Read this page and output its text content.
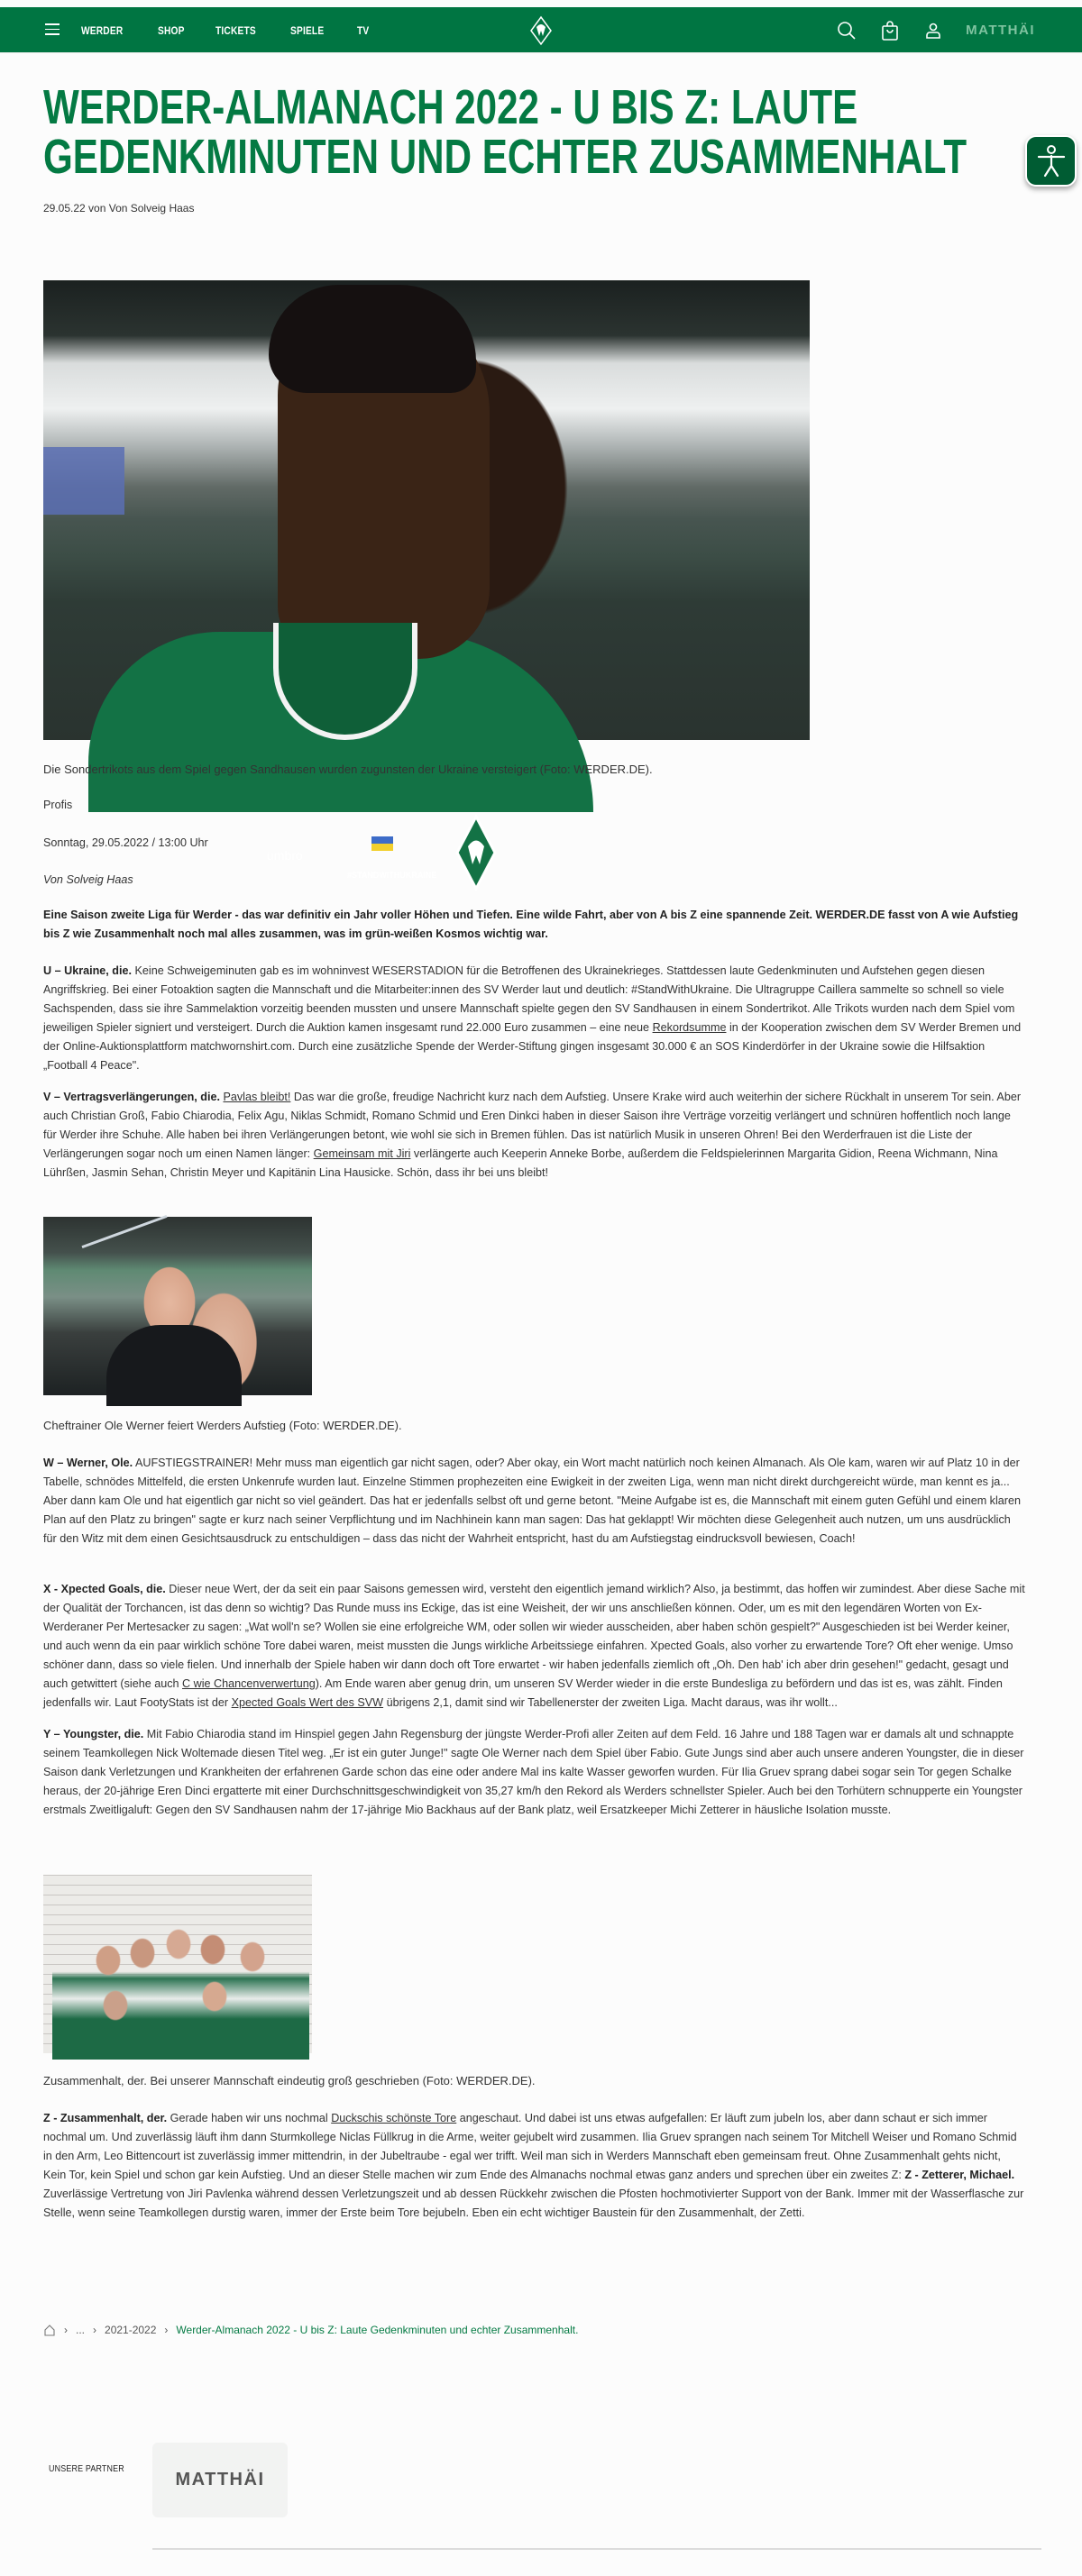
WERDER	SHOP	TICKETS	SPIELE	TV	MATTHÄI
WERDER-ALMANACH 2022 - U BIS Z: LAUTE
GEDENKMINUTEN UND ECHTER ZUSAMMENHALT
29.05.22 von Von Solveig Haas
umbro
#STANDWITHUKRAINE

Die Sondertrikots aus dem Spiel gegen Sandhausen wurden zugunsten der Ukraine versteigert (Foto: WERDER.DE).

Profis

Sonntag, 29.05.2022 / 13:00 Uhr

Von Solveig Haas

Eine Saison zweite Liga für Werder - das war definitiv ein Jahr voller Höhen und Tiefen. Eine wilde Fahrt, aber von A bis Z eine spannende Zeit. WERDER.DE fasst von A wie Aufstieg bis Z wie Zusammenhalt noch mal alles zusammen, was im grün-weißen Kosmos wichtig war.

U – Ukraine, die. Keine Schweigeminuten gab es im wohninvest WESERSTADION für die Betroffenen des Ukrainekrieges. Stattdessen laute Gedenkminuten und Aufstehen gegen diesen Angriffskrieg. Bei einer Fotoaktion sagten die Mannschaft und die Mitarbeiter:innen des SV Werder laut und deutlich: #StandWithUkraine. Die Ultragruppe Caillera sammelte so schnell so viele Sachspenden, dass sie ihre Sammelaktion vorzeitig beenden mussten und unsere Mannschaft spielte gegen den SV Sandhausen in einem Sondertrikot. Alle Trikots wurden nach dem Spiel vom jeweiligen Spieler signiert und versteigert. Durch die Auktion kamen insgesamt rund 22.000 Euro zusammen – eine neue Rekordsumme in der Kooperation zwischen dem SV Werder Bremen und der Online-Auktionsplattform matchwornshirt.com. Durch eine zusätzliche Spende der Werder-Stiftung gingen insgesamt 30.000 € an SOS Kinderdörfer in der Ukraine sowie die Hilfsaktion „Football 4 Peace".

V – Vertragsverlängerungen, die. Pavlas bleibt! Das war die große, freudige Nachricht kurz nach dem Aufstieg. Unsere Krake wird auch weiterhin der sichere Rückhalt in unserem Tor sein. Aber auch Christian Groß, Fabio Chiarodia, Felix Agu, Niklas Schmidt, Romano Schmid und Eren Dinkci haben in dieser Saison ihre Verträge vorzeitig verlängert und schnüren hoffentlich noch lange für Werder ihre Schuhe. Alle haben bei ihren Verlängerungen betont, wie wohl sie sich in Bremen fühlen. Das ist natürlich Musik in unseren Ohren! Bei den Werderfrauen ist die Liste der Verlängerungen sogar noch um einen Namen länger: Gemeinsam mit Jiri verlängerte auch Keeperin Anneke Borbe, außerdem die Feldspielerinnen Margarita Gidion, Reena Wichmann, Nina Lührßen, Jasmin Sehan, Christin Meyer und Kapitänin Lina Hausicke. Schön, dass ihr bei uns bleibt!

Cheftrainer Ole Werner feiert Werders Aufstieg (Foto: WERDER.DE).

W – Werner, Ole. AUFSTIEGSTRAINER! Mehr muss man eigentlich gar nicht sagen, oder? Aber okay, ein Wort macht natürlich noch keinen Almanach. Als Ole kam, waren wir auf Platz 10 in der Tabelle, schnödes Mittelfeld, die ersten Unkenrufe wurden laut. Einzelne Stimmen prophezeiten eine Ewigkeit in der zweiten Liga, wenn man nicht direkt durchgereicht würde, man kennt es ja... Aber dann kam Ole und hat eigentlich gar nicht so viel geändert. Das hat er jedenfalls selbst oft und gerne betont. "Meine Aufgabe ist es, die Mannschaft mit einem guten Gefühl und einem klaren Plan auf den Platz zu bringen" sagte er kurz nach seiner Verpflichtung und im Nachhinein kann man sagen: Das hat geklappt! Wir möchten diese Gelegenheit auch nutzen, um uns ausdrücklich für den Witz mit dem einen Gesichtsausdruck zu entschuldigen – dass das nicht der Wahrheit entspricht, hast du am Aufstiegstag eindrucksvoll bewiesen, Coach!

X - Xpected Goals, die. Dieser neue Wert, der da seit ein paar Saisons gemessen wird, versteht den eigentlich jemand wirklich? Also, ja bestimmt, das hoffen wir zumindest. Aber diese Sache mit der Qualität der Torchancen, ist das denn so wichtig? Das Runde muss ins Eckige, das ist eine Weisheit, der wir uns anschließen können. Oder, um es mit den legendären Worten von Ex-Werderaner Per Mertesacker zu sagen: „Wat woll'n se? Wollen sie eine erfolgreiche WM, oder sollen wir wieder ausscheiden, aber haben schön gespielt?" Ausgeschieden ist bei Werder keiner, und auch wenn da ein paar wirklich schöne Tore dabei waren, meist mussten die Jungs wirkliche Arbeitssiege einfahren. Xpected Goals, also vorher zu erwartende Tore? Oft eher wenige. Umso schöner dann, dass so viele fielen. Und innerhalb der Spiele haben wir dann doch oft Tore erwartet - wir haben jedenfalls ziemlich oft „Oh. Den hab' ich aber drin gesehen!" gedacht, gesagt und auch getwittert (siehe auch C wie Chancenverwertung). Am Ende waren aber genug drin, um unseren SV Werder wieder in die erste Bundesliga zu befördern und das ist es, was zählt. Finden jedenfalls wir. Laut FootyStats ist der Xpected Goals Wert des SVW übrigens 2,1, damit sind wir Tabellenerster der zweiten Liga. Macht daraus, was ihr wollt...

Y – Youngster, die. Mit Fabio Chiarodia stand im Hinspiel gegen Jahn Regensburg der jüngste Werder-Profi aller Zeiten auf dem Feld. 16 Jahre und 188 Tagen war er damals alt und schnappte seinem Teamkollegen Nick Woltemade diesen Titel weg. „Er ist ein guter Junge!" sagte Ole Werner nach dem Spiel über Fabio. Gute Jungs sind aber auch unsere anderen Youngster, die in dieser Saison dank Verletzungen und Krankheiten der erfahrenen Garde schon das eine oder andere Mal ins kalte Wasser geworfen wurden. Für Ilia Gruev sprang dabei sogar sein Tor gegen Schalke heraus, der 20-jährige Eren Dinci ergatterte mit einer Durchschnittsgeschwindigkeit von 35,27 km/h den Rekord als Werders schnellster Spieler. Auch bei den Torhütern schnupperte ein Youngster erstmals Zweitligaluft: Gegen den SV Sandhausen nahm der 17-jährige Mio Backhaus auf der Bank platz, weil Ersatzkeeper Michi Zetterer in häusliche Isolation musste.

Zusammenhalt, der. Bei unserer Mannschaft eindeutig groß geschrieben (Foto: WERDER.DE).

Z - Zusammenhalt, der. Gerade haben wir uns nochmal Duckschis schönste Tore angeschaut. Und dabei ist uns etwas aufgefallen: Er läuft zum jubeln los, aber dann schaut er sich immer nochmal um. Und zuverlässig läuft ihm dann Sturmkollege Niclas Füllkrug in die Arme, weiter gejubelt wird zusammen. Ilia Gruev sprangen nach seinem Tor Mitchell Weiser und Romano Schmid in den Arm, Leo Bittencourt ist zuverlässig immer mittendrin, in der Jubeltraube - egal wer trifft. Weil man sich in Werders Mannschaft eben gemeinsam freut. Ohne Zusammenhalt gehts nicht, Kein Tor, kein Spiel und schon gar kein Aufstieg. Und an dieser Stelle machen wir zum Ende des Almanachs nochmal etwas ganz anders und sprechen über ein zweites Z: Z - Zetterer, Michael. Zuverlässige Vertretung von Jiri Pavlenka während dessen Verletzungszeit und ab dessen Rückkehr zwischen die Pfosten hochmotivierter Support von der Bank. Immer mit der Wasserflasche zur Stelle, wenn seine Teamkollegen durstig waren, immer der Erste beim Tore bejubeln. Eben ein echt wichtiger Baustein für den Zusammenhalt, der Zetti.

› ... › 2021-2022 › Werder-Almanach 2022 - U bis Z: Laute Gedenkminuten und echter Zusammenhalt.
UNSERE PARTNER
MATTHÄI
